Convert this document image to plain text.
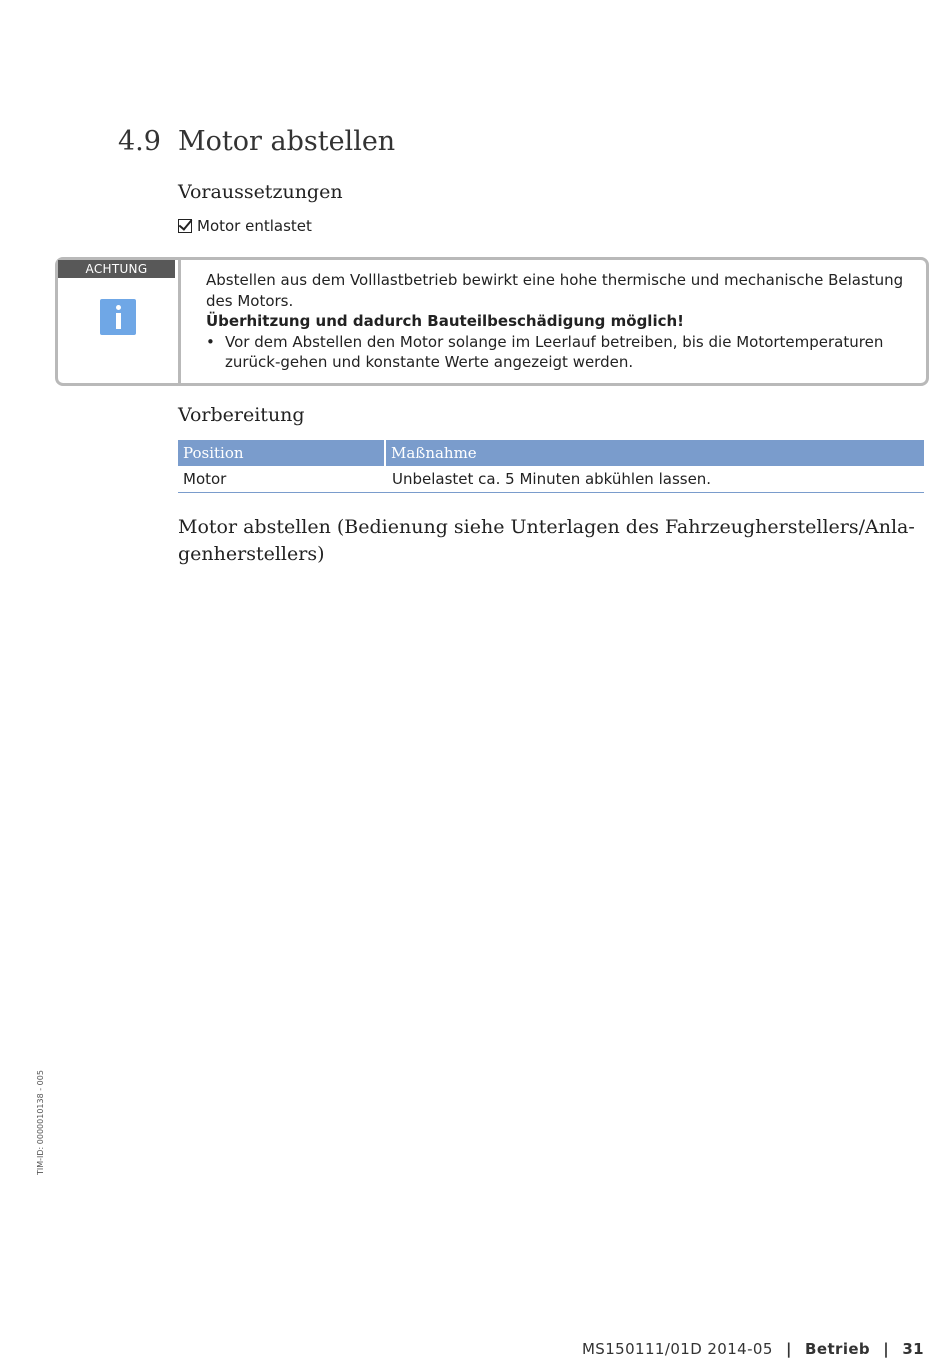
4.9 Motor abstellen
Voraussetzungen
Motor entlastet
ACHTUNG

Abstellen aus dem Volllastbetrieb bewirkt eine hohe thermische und mechanische Belastung des Motors.

Überhitzung und dadurch Bauteilbeschädigung möglich!

• Vor dem Abstellen den Motor solange im Leerlauf betreiben, bis die Motortemperaturen zurück-gehen und konstante Werte angezeigt werden.
Vorbereitung
Position	Maßnahme
Motor	Unbelastet ca. 5 Minuten abkühlen lassen.
Motor abstellen (Bedienung siehe Unterlagen des Fahrzeugherstellers/Anla-genherstellers)
TIM-ID: 0000010138 - 005
MS150111/01D 2014-05 | Betrieb | 31
